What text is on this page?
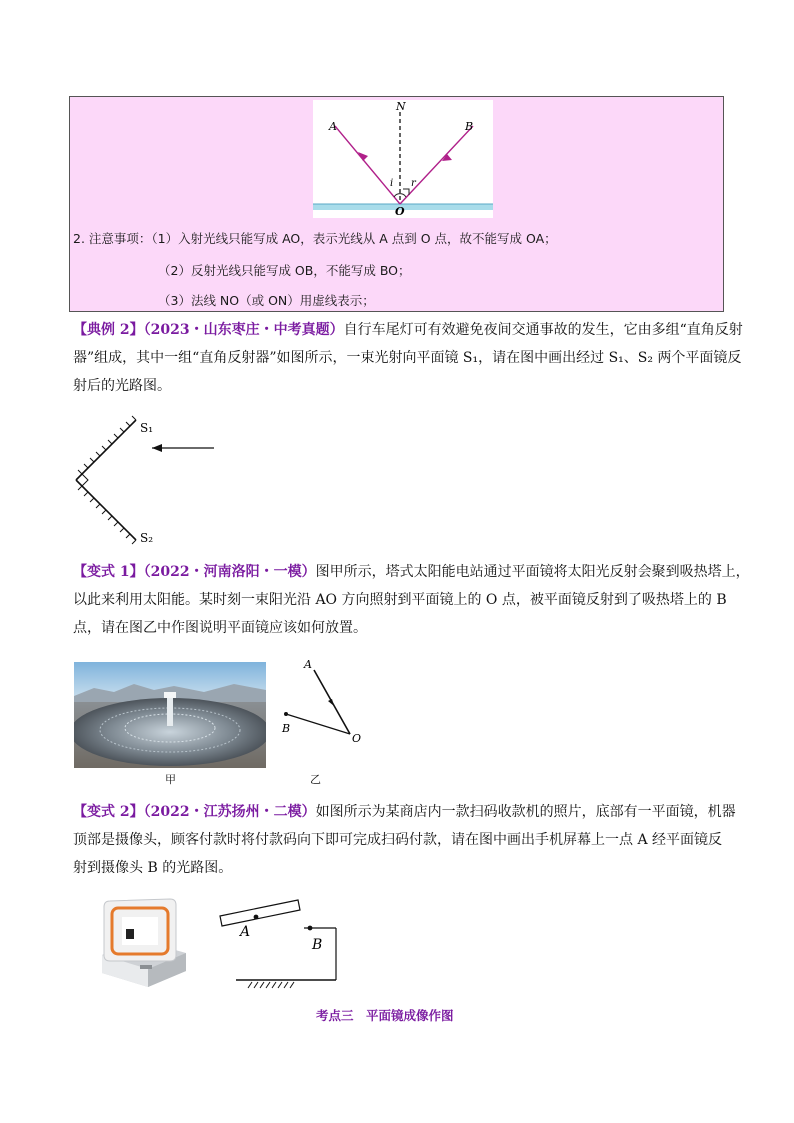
A	B
N
O
i r
2. 注意事项：（1）入射光线只能写成 AO，表示光线从 A 点到 O 点，故不能写成 OA；
（2）反射光线只能写成 OB，不能写成 BO；
（3）法线 NO（或 ON）用虚线表示；
【典例 2】（2023・山东枣庄・中考真题）自行车尾灯可有效避免夜间交通事故的发生，它由多组“直角反射
器”组成，其中一组“直角反射器”如图所示，一束光射向平面镜 S₁，请在图中画出经过 S₁、S₂ 两个平面镜反
射后的光路图。
S₁
S₂
【变式 1】（2022・河南洛阳・一模）图甲所示，塔式太阳能电站通过平面镜将太阳光反射会聚到吸热塔上，
以此来利用太阳能。某时刻一束阳光沿 AO 方向照射到平面镜上的 O 点，被平面镜反射到了吸热塔上的 B
点，请在图乙中作图说明平面镜应该如何放置。
甲
A
B
O
乙
【变式 2】（2022・江苏扬州・二模）如图所示为某商店内一款扫码收款机的照片，底部有一平面镜，机器
顶部是摄像头，顾客付款时将付款码向下即可完成扫码付款，请在图中画出手机屏幕上一点 A 经平面镜反
射到摄像头 B 的光路图。
A
B
考点三　平面镜成像作图
